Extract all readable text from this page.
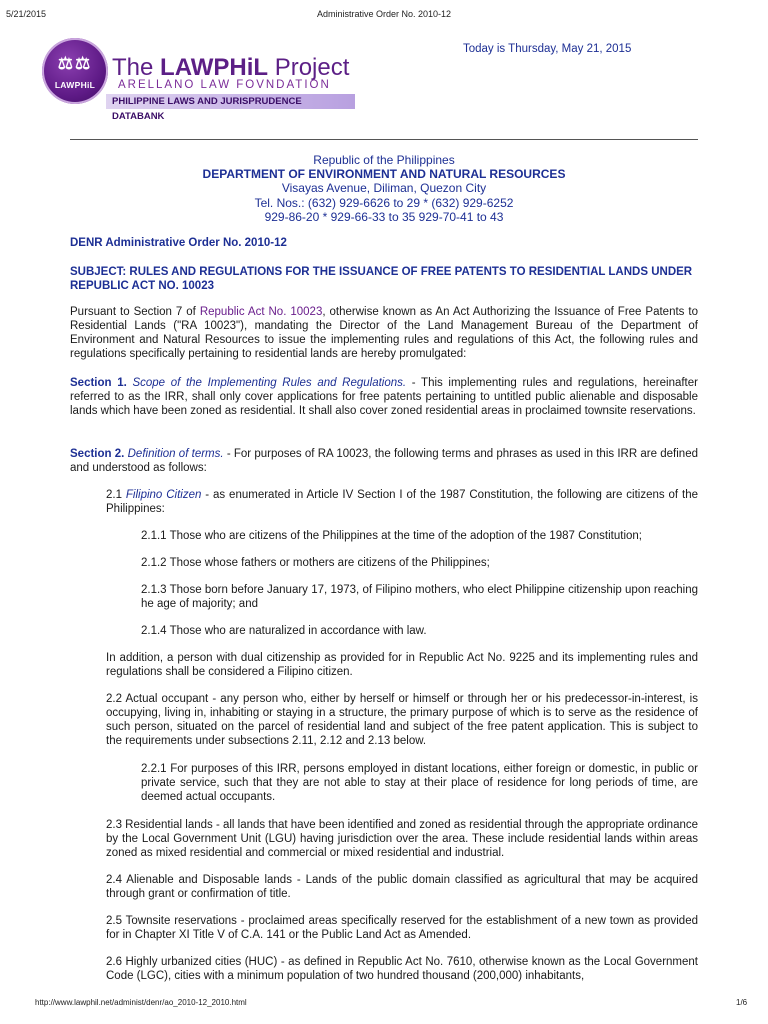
5/21/2015	Administrative Order No. 2010-12
http://www.lawphil.net/administ/denr/ao_2010-12_2010.html	1/6
⚖⚖
LAWPHiL
The LAWPHiL Project
ARELLANO LAW FOVNDATION
PHILIPPINE LAWS AND JURISPRUDENCE DATABANK
Today is Thursday, May 21, 2015
Republic of the Philippines
DEPARTMENT OF ENVIRONMENT AND NATURAL RESOURCES
Visayas Avenue, Diliman, Quezon City
Tel. Nos.: (632) 929-6626 to 29 * (632) 929-6252
929-86-20 * 929-66-33 to 35 929-70-41 to 43
DENR Administrative Order No. 2010-12
SUBJECT: RULES AND REGULATIONS FOR THE ISSUANCE OF FREE PATENTS TO RESIDENTIAL LANDS UNDER REPUBLIC ACT NO. 10023
Pursuant to Section 7 of Republic Act No. 10023, otherwise known as An Act Authorizing the Issuance of Free Patents to Residential Lands ("RA 10023"), mandating the Director of the Land Management Bureau of the Department of Environment and Natural Resources to issue the implementing rules and regulations of this Act, the following rules and regulations specifically pertaining to residential lands are hereby promulgated:
Section 1. Scope of the Implementing Rules and Regulations. - This implementing rules and regulations, hereinafter referred to as the IRR, shall only cover applications for free patents pertaining to untitled public alienable and disposable lands which have been zoned as residential. It shall also cover zoned residential areas in proclaimed townsite reservations.
Section 2. Definition of terms. - For purposes of RA 10023, the following terms and phrases as used in this IRR are defined and understood as follows:
2.1 Filipino Citizen - as enumerated in Article IV Section I of the 1987 Constitution, the following are citizens of the Philippines:
2.1.1 Those who are citizens of the Philippines at the time of the adoption of the 1987 Constitution;
2.1.2 Those whose fathers or mothers are citizens of the Philippines;
2.1.3 Those born before January 17, 1973, of Filipino mothers, who elect Philippine citizenship upon reaching he age of majority; and
2.1.4 Those who are naturalized in accordance with law.
In addition, a person with dual citizenship as provided for in Republic Act No. 9225 and its implementing rules and regulations shall be considered a Filipino citizen.
2.2 Actual occupant - any person who, either by herself or himself or through her or his predecessor-in-interest, is occupying, living in, inhabiting or staying in a structure, the primary purpose of which is to serve as the residence of such person, situated on the parcel of residential land and subject of the free patent application. This is subject to the requirements under subsections 2.11, 2.12 and 2.13 below.
2.2.1 For purposes of this IRR, persons employed in distant locations, either foreign or domestic, in public or private service, such that they are not able to stay at their place of residence for long periods of time, are deemed actual occupants.
2.3 Residential lands - all lands that have been identified and zoned as residential through the appropriate ordinance by the Local Government Unit (LGU) having jurisdiction over the area. These include residential lands within areas zoned as mixed residential and commercial or mixed residential and industrial.
2.4 Alienable and Disposable lands - Lands of the public domain classified as agricultural that may be acquired through grant or confirmation of title.
2.5 Townsite reservations - proclaimed areas specifically reserved for the establishment of a new town as provided for in Chapter XI Title V of C.A. 141 or the Public Land Act as Amended.
2.6 Highly urbanized cities (HUC) - as defined in Republic Act No. 7610, otherwise known as the Local Government Code (LGC), cities with a minimum population of two hundred thousand (200,000) inhabitants,
